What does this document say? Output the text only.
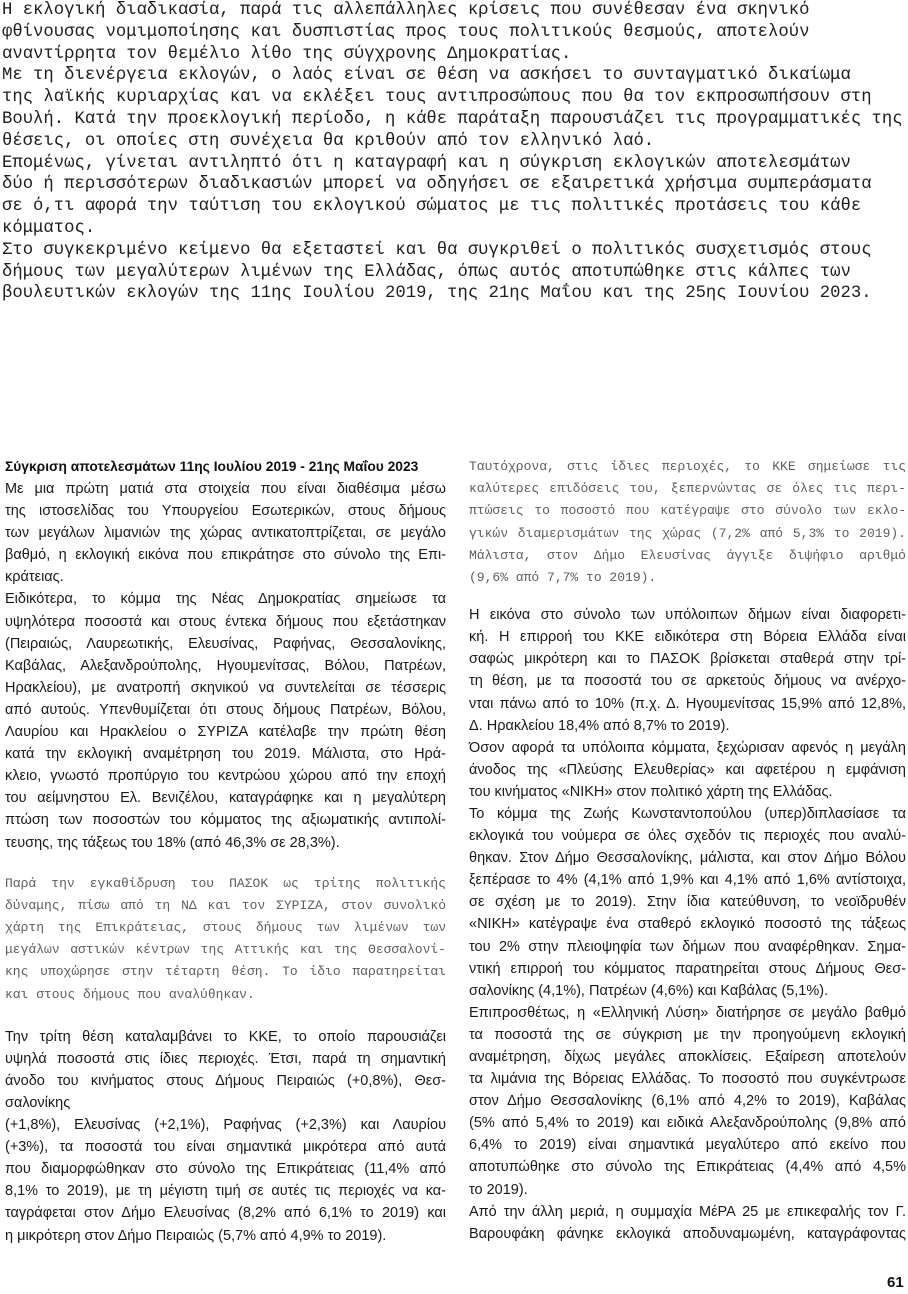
Η εκλογική διαδικασία, παρά τις αλλεπάλληλες κρίσεις που συνέθεσαν ένα σκηνικό
φθίνουσας νομιμοποίησης και δυσπιστίας προς τους πολιτικούς θεσμούς, αποτελούν
αναντίρρητα τον θεμέλιο λίθο της σύγχρονης Δημοκρατίας.
Με τη διενέργεια εκλογών, ο λαός είναι σε θέση να ασκήσει το συνταγματικό δικαίωμα
της λαϊκής κυριαρχίας και να εκλέξει τους αντιπροσώπους που θα τον εκπροσωπήσουν στη
Βουλή. Κατά την προεκλογική περίοδο, η κάθε παράταξη παρουσιάζει τις προγραμματικές της
θέσεις, οι οποίες στη συνέχεια θα κριθούν από τον ελληνικό λαό.
Επομένως, γίνεται αντιληπτό ότι η καταγραφή και η σύγκριση εκλογικών αποτελεσμάτων
δύο ή περισσότερων διαδικασιών μπορεί να οδηγήσει σε εξαιρετικά χρήσιμα συμπεράσματα
σε ό,τι αφορά την ταύτιση του εκλογικού σώματος με τις πολιτικές προτάσεις του κάθε
κόμματος.
Στο συγκεκριμένο κείμενο θα εξεταστεί και θα συγκριθεί ο πολιτικός συσχετισμός στους
δήμους των μεγαλύτερων λιμένων της Ελλάδας, όπως αυτός αποτυπώθηκε στις κάλπες των
βουλευτικών εκλογών της 11ης Ιουλίου 2019, της 21ης Μαΐου και της 25ης Ιουνίου 2023.
Σύγκριση αποτελεσμάτων 11ης Ιουλίου 2019 - 21ης Μαΐου 2023
Με μια πρώτη ματιά στα στοιχεία που είναι διαθέσιμα μέσω
της ιστοσελίδας του Υπουργείου Εσωτερικών, στους δήμους
των μεγάλων λιμανιών της χώρας αντικατοπτρίζεται, σε μεγάλο
βαθμό, η εκλογική εικόνα που επικράτησε στο σύνολο της Επι-
κράτειας.
Ειδικότερα, το κόμμα της Νέας Δημοκρατίας σημείωσε τα
υψηλότερα ποσοστά και στους έντεκα δήμους που εξετάστηκαν
(Πειραιώς, Λαυρεωτικής, Ελευσίνας, Ραφήνας, Θεσσαλονίκης,
Καβάλας, Αλεξανδρούπολης, Ηγουμενίτσας, Βόλου, Πατρέων,
Ηρακλείου), με ανατροπή σκηνικού να συντελείται σε τέσσερις
από αυτούς. Υπενθυμίζεται ότι στους δήμους Πατρέων, Βόλου,
Λαυρίου και Ηρακλείου ο ΣΥΡΙΖΑ κατέλαβε την πρώτη θέση
κατά την εκλογική αναμέτρηση του 2019. Μάλιστα, στο Ηρά-
κλειο, γνωστό προπύργιο του κεντρώου χώρου από την εποχή
του αείμνηστου Ελ. Βενιζέλου, καταγράφηκε και η μεγαλύτερη
πτώση των ποσοστών του κόμματος της αξιωματικής αντιπολί-
τευσης, της τάξεως του 18% (από 46,3% σε 28,3%).
Παρά την εγκαθίδρυση του ΠΑΣΟΚ ως τρίτης πολιτικής
δύναμης, πίσω από τη ΝΔ και τον ΣΥΡΙΖΑ, στον συνολικό
χάρτη της Επικράτειας, στους δήμους των λιμένων των
μεγάλων αστικών κέντρων της Αττικής και της Θεσσαλονί-
κης υποχώρησε στην τέταρτη θέση. Το ίδιο παρατηρείται
και στους δήμους που αναλύθηκαν.
Την τρίτη θέση καταλαμβάνει το ΚΚΕ, το οποίο παρουσιάζει
υψηλά ποσοστά στις ίδιες περιοχές. Έτσι, παρά τη σημαντική
άνοδο του κινήματος στους Δήμους Πειραιώς (+0,8%), Θεσ-
σαλονίκης
(+1,8%), Ελευσίνας (+2,1%), Ραφήνας (+2,3%) και Λαυρίου
(+3%), τα ποσοστά του είναι σημαντικά μικρότερα από αυτά
που διαμορφώθηκαν στο σύνολο της Επικράτειας (11,4% από
8,1% το 2019), με τη μέγιστη τιμή σε αυτές τις περιοχές να κα-
ταγράφεται στον Δήμο Ελευσίνας (8,2% από 6,1% το 2019) και
η μικρότερη στον Δήμο Πειραιώς (5,7% από 4,9% το 2019).
Ταυτόχρονα, στις ίδιες περιοχές, το ΚΚΕ σημείωσε τις
καλύτερες επιδόσεις του, ξεπερνώντας σε όλες τις περι-
πτώσεις το ποσοστό που κατέγραψε στο σύνολο των εκλο-
γικών διαμερισμάτων της χώρας (7,2% από 5,3% το 2019).
Μάλιστα, στον Δήμο Ελευσίνας άγγιξε διψήφιο αριθμό
(9,6% από 7,7% το 2019).
Η εικόνα στο σύνολο των υπόλοιπων δήμων είναι διαφορετι-
κή. Η επιρροή του ΚΚΕ ειδικότερα στη Βόρεια Ελλάδα είναι
σαφώς μικρότερη και το ΠΑΣΟΚ βρίσκεται σταθερά στην τρί-
τη θέση, με τα ποσοστά του σε αρκετούς δήμους να ανέρχο-
νται πάνω από το 10% (π.χ. Δ. Ηγουμενίτσας 15,9% από 12,8%,
Δ. Ηρακλείου 18,4% από 8,7% το 2019).
Όσον αφορά τα υπόλοιπα κόμματα, ξεχώρισαν αφενός η μεγάλη
άνοδος της «Πλεύσης Ελευθερίας» και αφετέρου η εμφάνιση
του κινήματος «ΝΙΚΗ» στον πολιτικό χάρτη της Ελλάδας.
Το κόμμα της Ζωής Κωνσταντοπούλου (υπερ)διπλασίασε τα
εκλογικά του νούμερα σε όλες σχεδόν τις περιοχές που αναλύ-
θηκαν. Στον Δήμο Θεσσαλονίκης, μάλιστα, και στον Δήμο Βόλου
ξεπέρασε το 4% (4,1% από 1,9% και 4,1% από 1,6% αντίστοιχα,
σε σχέση με το 2019). Στην ίδια κατεύθυνση, το νεοϊδρυθέν
«ΝΙΚΗ» κατέγραψε ένα σταθερό εκλογικό ποσοστό της τάξεως
του 2% στην πλειοψηφία των δήμων που αναφέρθηκαν. Σημα-
ντική επιρροή του κόμματος παρατηρείται στους Δήμους Θεσ-
σαλονίκης (4,1%), Πατρέων (4,6%) και Καβάλας (5,1%).
Επιπροσθέτως, η «Ελληνική Λύση» διατήρησε σε μεγάλο βαθμό
τα ποσοστά της σε σύγκριση με την προηγούμενη εκλογική
αναμέτρηση, δίχως μεγάλες αποκλίσεις. Εξαίρεση αποτελούν
τα λιμάνια της Βόρειας Ελλάδας. Το ποσοστό που συγκέντρωσε
στον Δήμο Θεσσαλονίκης (6,1% από 4,2% το 2019), Καβάλας
(5% από 5,4% το 2019) και ειδικά Αλεξανδρούπολης (9,8% από
6,4% το 2019) είναι σημαντικά μεγαλύτερο από εκείνο που
αποτυπώθηκε στο σύνολο της Επικράτειας (4,4% από 4,5%
το 2019).
Από την άλλη μεριά, η συμμαχία ΜέΡΑ 25 με επικεφαλής τον Γ.
Βαρουφάκη φάνηκε εκλογικά αποδυναμωμένη, καταγράφοντας
61
